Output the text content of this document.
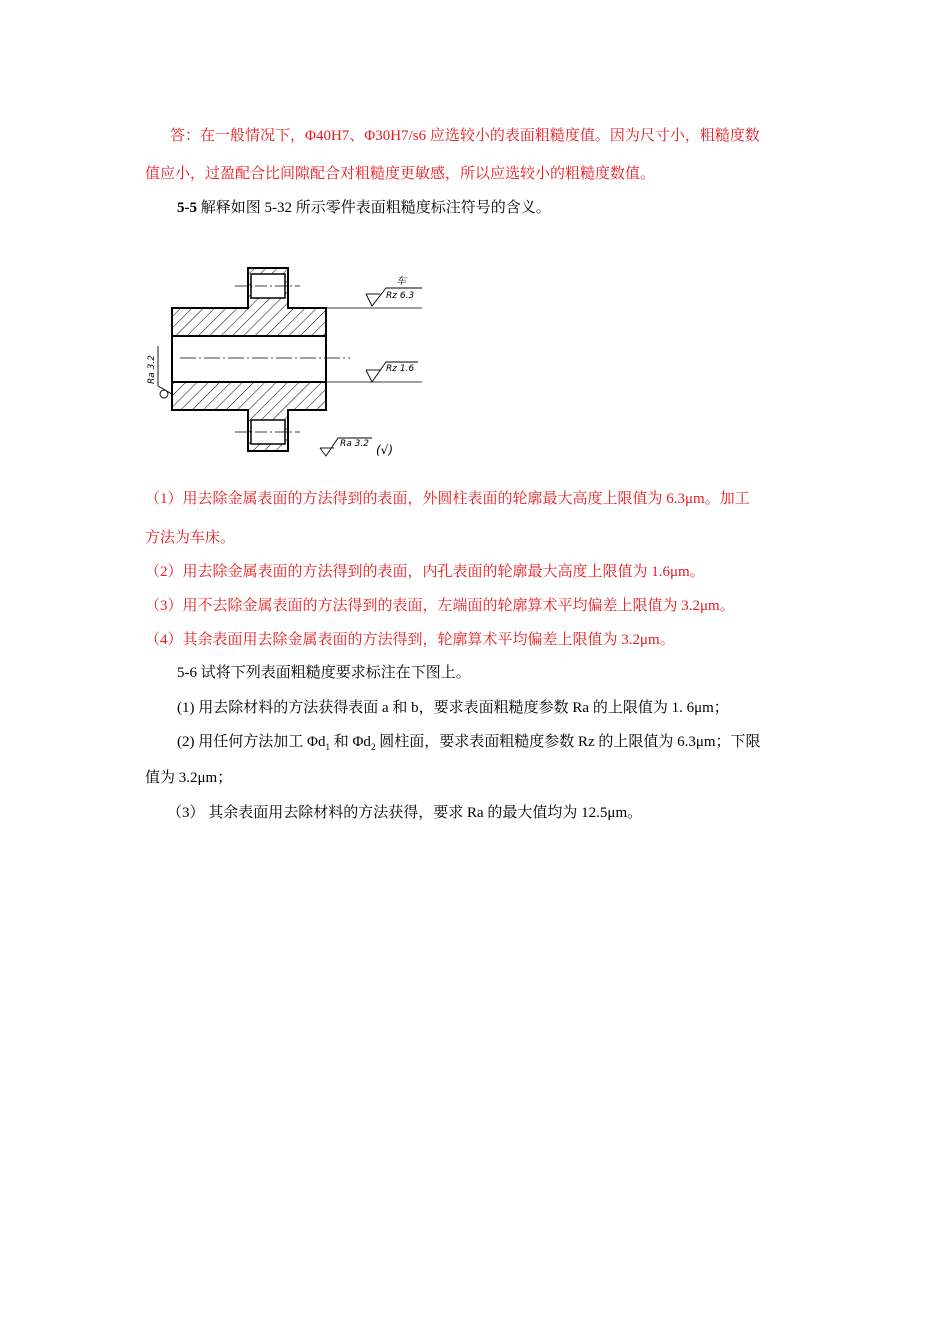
答：在一般情况下，Φ40H7、Φ30H7/s6 应选较小的表面粗糙度值。因为尺寸小，粗糙度数
值应小，过盈配合比间隙配合对粗糙度更敏感，所以应选较小的粗糙度数值。
5-5 解释如图 5-32 所示零件表面粗糙度标注符号的含义。
车
Rz 6.3
Rz 1.6
Ra 3.2
Ra 3.2 (√)
（1）用去除金属表面的方法得到的表面，外圆柱表面的轮廓最大高度上限值为 6.3μm。加工
方法为车床。
（2）用去除金属表面的方法得到的表面，内孔表面的轮廓最大高度上限值为 1.6μm。
（3）用不去除金属表面的方法得到的表面，左端面的轮廓算术平均偏差上限值为 3.2μm。
（4）其余表面用去除金属表面的方法得到，轮廓算术平均偏差上限值为 3.2μm。
5-6 试将下列表面粗糙度要求标注在下图上。
(1) 用去除材料的方法获得表面 a 和 b，要求表面粗糙度参数 Ra 的上限值为 1. 6μm；
(2) 用任何方法加工 $\Phi d_1$ 和 $\Phi d_2$ 圆柱面，要求表面粗糙度参数 Rz 的上限值为 6.3μm；下限
值为 3.2μm；
（3） 其余表面用去除材料的方法获得，要求 Ra 的最大值均为 12.5μm。
